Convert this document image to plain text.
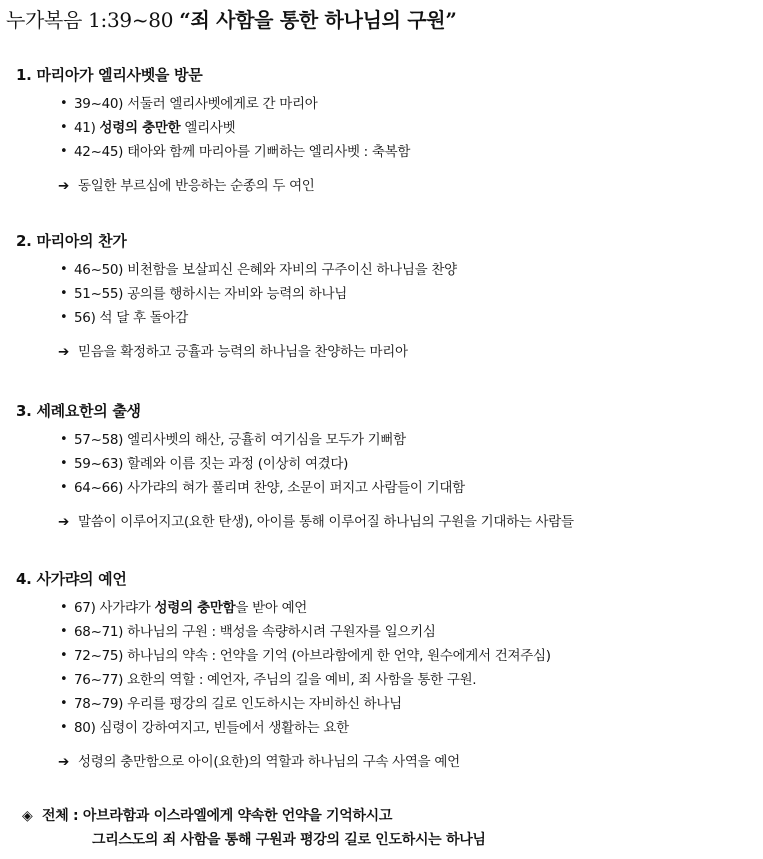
누가복음 1:39~80 “죄 사함을 통한 하나님의 구원”
1. 마리아가 엘리사벳을 방문
• 39~40) 서둘러 엘리사벳에게로 간 마리아
• 41) 성령의 충만한 엘리사벳
• 42~45) 태아와 함께 마리아를 기뻐하는 엘리사벳 : 축복함
➔ 동일한 부르심에 반응하는 순종의 두 여인
2. 마리아의 찬가
• 46~50) 비천함을 보살피신 은혜와 자비의 구주이신 하나님을 찬양
• 51~55) 공의를 행하시는 자비와 능력의 하나님
• 56) 석 달 후 돌아감
➔ 믿음을 확정하고 긍휼과 능력의 하나님을 찬양하는 마리아
3. 세례요한의 출생
• 57~58) 엘리사벳의 해산, 긍휼히 여기심을 모두가 기뻐함
• 59~63) 할례와 이름 짓는 과정 (이상히 여겼다)
• 64~66) 사가랴의 혀가 풀리며 찬양, 소문이 퍼지고 사람들이 기대함
➔ 말씀이 이루어지고(요한 탄생), 아이를 통해 이루어질 하나님의 구원을 기대하는 사람들
4. 사가랴의 예언
• 67) 사가랴가 성령의 충만함을 받아 예언
• 68~71) 하나님의 구원 : 백성을 속량하시려 구원자를 일으키심
• 72~75) 하나님의 약속 : 언약을 기억 (아브라함에게 한 언약, 원수에게서 건져주심)
• 76~77) 요한의 역할 : 예언자, 주님의 길을 예비, 죄 사함을 통한 구원.
• 78~79) 우리를 평강의 길로 인도하시는 자비하신 하나님
• 80) 심령이 강하여지고, 빈들에서 생활하는 요한
➔ 성령의 충만함으로 아이(요한)의 역할과 하나님의 구속 사역을 예언
◈ 전체 : 아브라함과 이스라엘에게 약속한 언약을 기억하시고
그리스도의 죄 사함을 통해 구원과 평강의 길로 인도하시는 하나님
